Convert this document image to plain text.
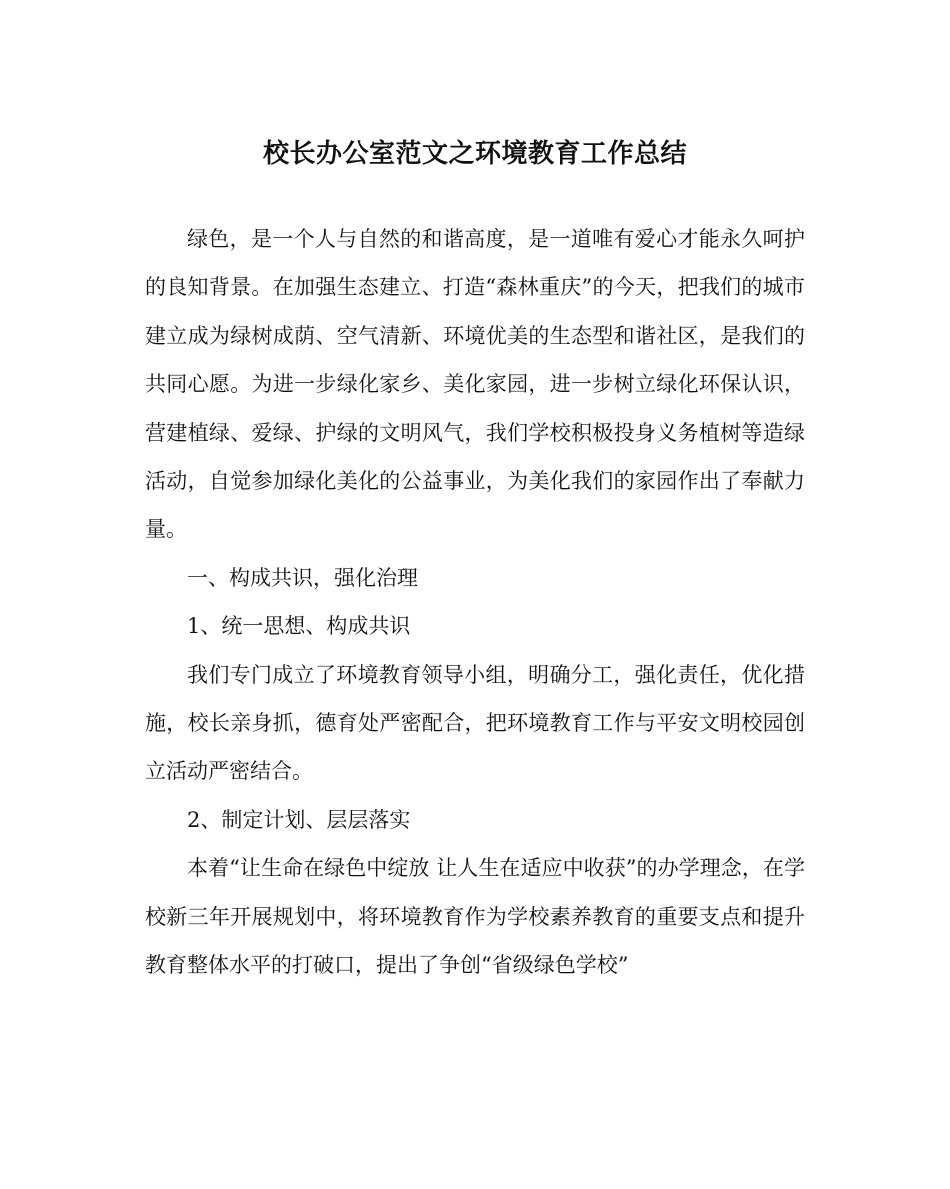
校长办公室范文之环境教育工作总结

绿色，是一个人与自然的和谐高度，是一道唯有爱心才能永久呵护的良知背景。在加强生态建立、打造“森林重庆”的今天，把我们的城市建立成为绿树成荫、空气清新、环境优美的生态型和谐社区，是我们的共同心愿。为进一步绿化家乡、美化家园，进一步树立绿化环保认识，营建植绿、爱绿、护绿的文明风气，我们学校积极投身义务植树等造绿活动，自觉参加绿化美化的公益事业，为美化我们的家园作出了奉献力量。

一、构成共识，强化治理

1、统一思想、构成共识

我们专门成立了环境教育领导小组，明确分工，强化责任，优化措施，校长亲身抓，德育处严密配合，把环境教育工作与平安文明校园创立活动严密结合。

2、制定计划、层层落实

本着“让生命在绿色中绽放 让人生在适应中收获”的办学理念，在学校新三年开展规划中，将环境教育作为学校素养教育的重要支点和提升教育整体水平的打破口，提出了争创“省级绿色学校”
